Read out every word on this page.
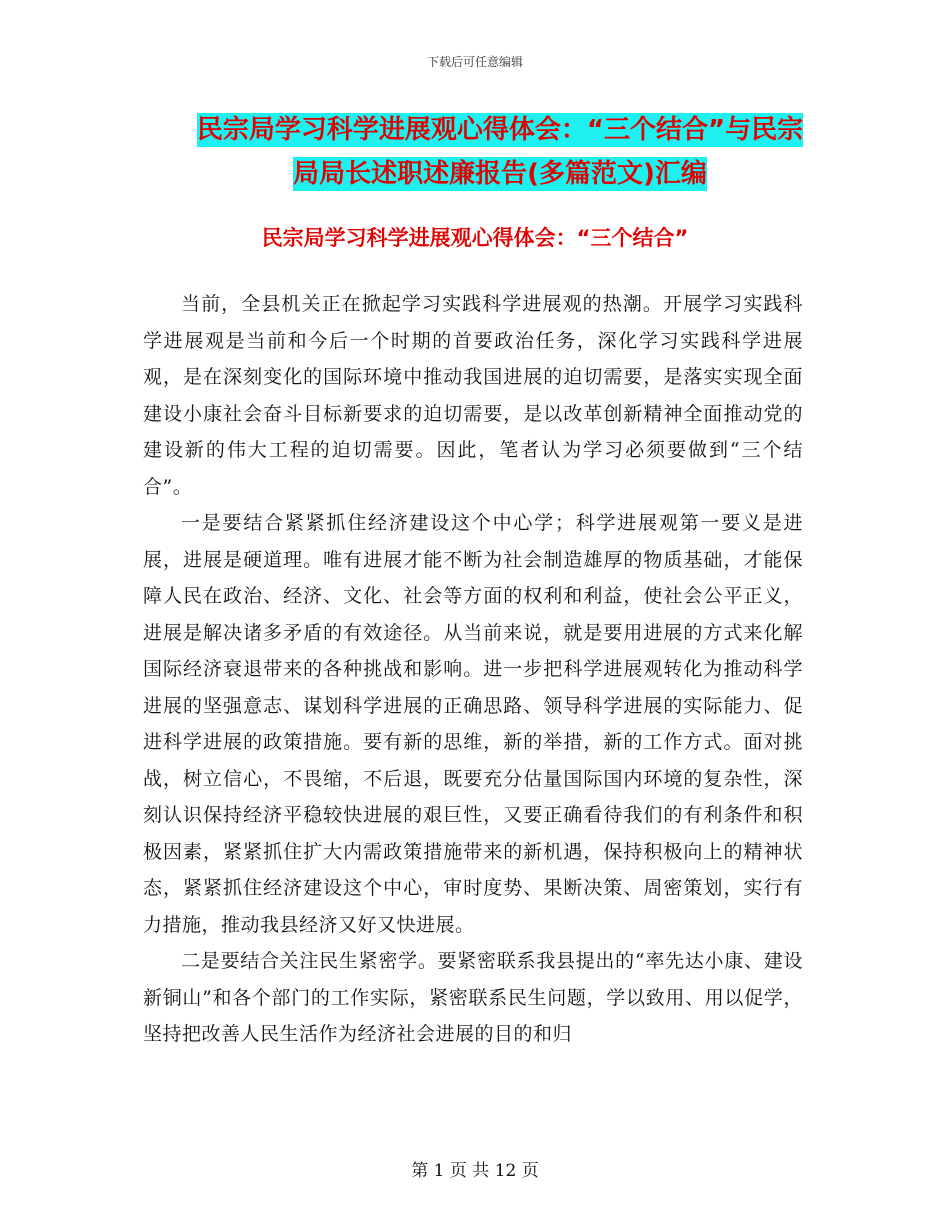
下载后可任意编辑
民宗局学习科学进展观心得体会：“三个结合”与民宗局局长述职述廉报告(多篇范文)汇编
民宗局学习科学进展观心得体会：“三个结合”

当前，全县机关正在掀起学习实践科学进展观的热潮。开展学习实践科学进展观是当前和今后一个时期的首要政治任务，深化学习实践科学进展观，是在深刻变化的国际环境中推动我国进展的迫切需要，是落实实现全面建设小康社会奋斗目标新要求的迫切需要，是以改革创新精神全面推动党的建设新的伟大工程的迫切需要。因此，笔者认为学习必须要做到“三个结合”。

一是要结合紧紧抓住经济建设这个中心学；科学进展观第一要义是进展，进展是硬道理。唯有进展才能不断为社会制造雄厚的物质基础，才能保障人民在政治、经济、文化、社会等方面的权利和利益，使社会公平正义，进展是解决诸多矛盾的有效途径。从当前来说，就是要用进展的方式来化解国际经济衰退带来的各种挑战和影响。进一步把科学进展观转化为推动科学进展的坚强意志、谋划科学进展的正确思路、领导科学进展的实际能力、促进科学进展的政策措施。要有新的思维，新的举措，新的工作方式。面对挑战，树立信心，不畏缩，不后退，既要充分估量国际国内环境的复杂性，深刻认识保持经济平稳较快进展的艰巨性，又要正确看待我们的有利条件和积极因素，紧紧抓住扩大内需政策措施带来的新机遇，保持积极向上的精神状态，紧紧抓住经济建设这个中心，审时度势、果断决策、周密策划，实行有力措施，推动我县经济又好又快进展。

二是要结合关注民生紧密学。要紧密联系我县提出的“率先达小康、建设新铜山”和各个部门的工作实际，紧密联系民生问题，学以致用、用以促学，坚持把改善人民生活作为经济社会进展的目的和归

第 1 页 共 12 页
